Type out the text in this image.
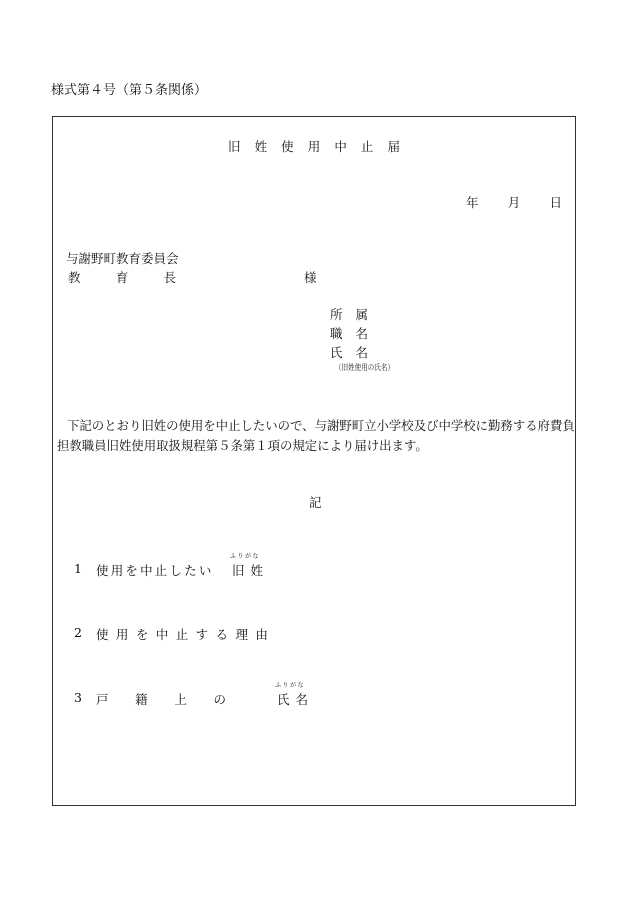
様式第４号（第５条関係）
旧 姓 使 用 中 止 届
年 月 日
与謝野町教育委員会
教	育	長	様
所 属
職 名
氏 名
（旧姓使用の氏名）
下記のとおり旧姓の使用を中止したいので、与謝野町立小学校及び中学校に勤務する府費負担教職員旧姓使用取扱規程第５条第１項の規定により届け出ます。
記
1 使用を中止したい
ふりがな
旧姓
2 使 用 を 中 止 す る 理 由
3 戸 籍 上 の
ふりがな
氏名
